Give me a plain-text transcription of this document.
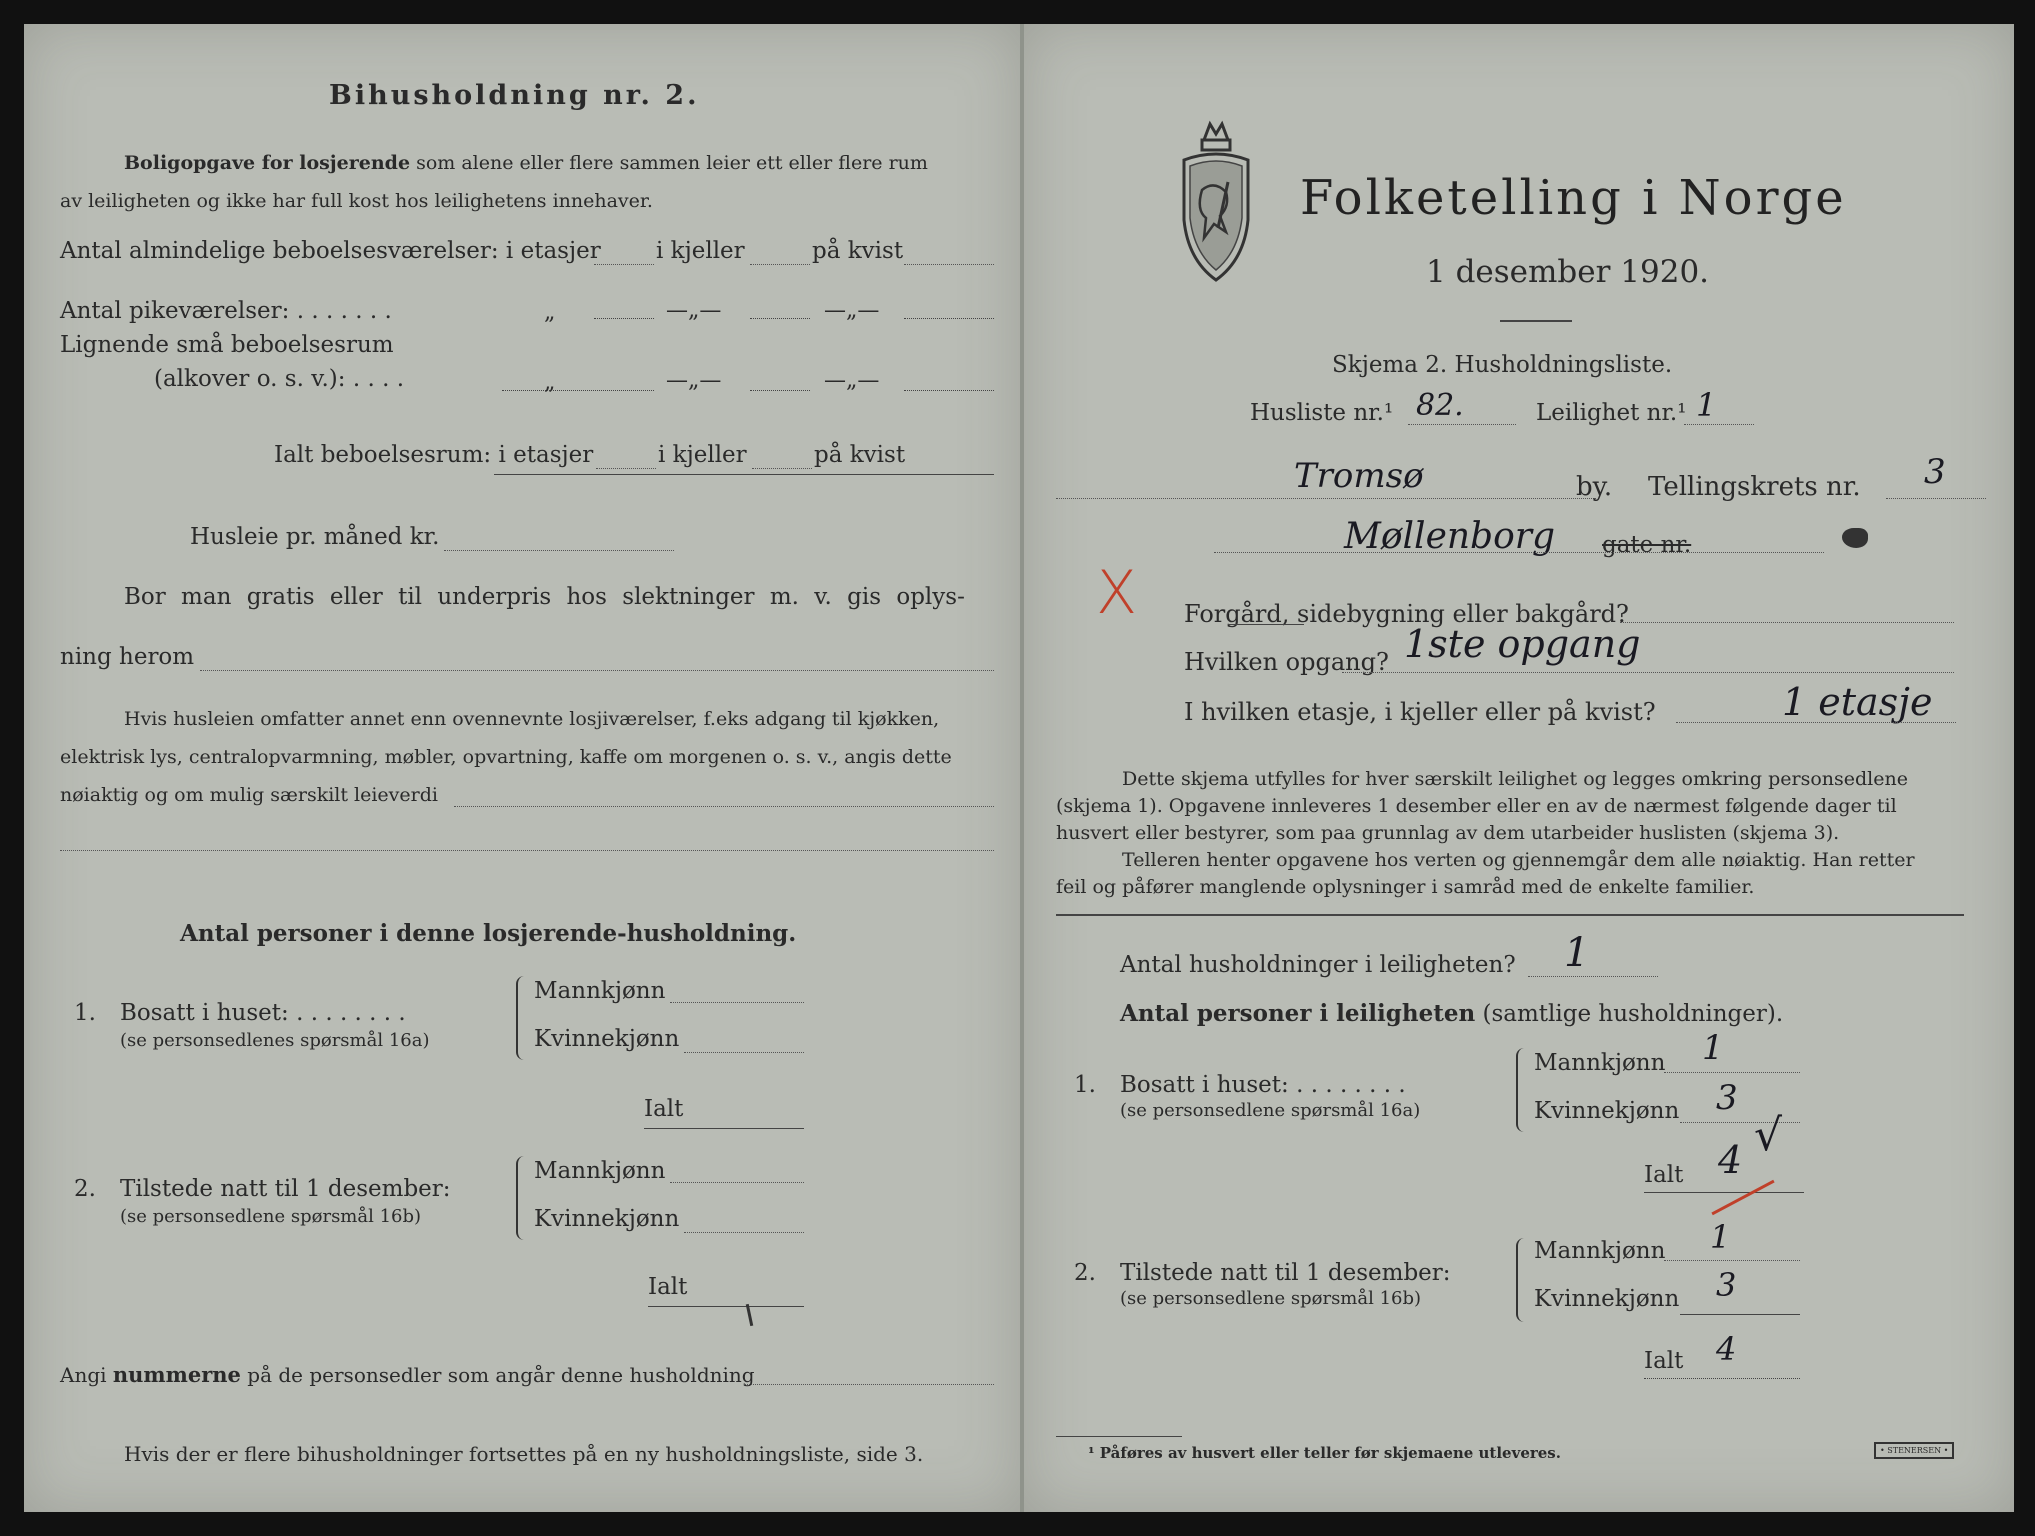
Bihusholdning nr. 2.
Boligopgave for losjerende som alene eller flere sammen leier ett eller flere rum
av leiligheten og ikke har full kost hos leilighetens innehaver.
Antal almindelige beboelsesværelser: i etasjer i kjeller	på kvist
Antal pikeværelser: . . . . . . .	„	—„—	—„—
Lignende små beboelsesrum
(alkover o. s. v.): . . . .	„	—„—	—„—
Ialt beboelsesrum: i etasjer	i kjeller	på kvist
Husleie pr. måned kr.
Bor man gratis eller til underpris hos slektninger m. v. gis oplys-
ning herom
Hvis husleien omfatter annet enn ovennevnte losjiværelser, f.eks adgang til kjøkken,
elektrisk lys, centralopvarmning, møbler, opvartning, kaffe om morgenen o. s. v., angis dette
nøiaktig og om mulig særskilt leieverdi
Antal personer i denne losjerende-husholdning.
1. Bosatt i huset: . . . . . . . .
(se personsedlenes spørsmål 16a)
Mannkjønn
Kvinnekjønn
Ialt
2. Tilstede natt til 1 desember:
(se personsedlene spørsmål 16b)
Mannkjønn
Kvinnekjønn
Ialt
Angi nummerne på de personsedler som angår denne husholdning
Hvis der er flere bihusholdninger fortsettes på en ny husholdningsliste, side 3.
Folketelling i Norge
1 desember 1920.
Skjema 2. Husholdningsliste.
Husliste nr.¹ 82.	Leilighet nr.¹ 1
Tromsø	by. Tellingskrets nr. 3
Møllenborg gate nr.
X Forgård, sidebygning eller bakgård?
Hvilken opgang? 1ste opgang
I hvilken etasje, i kjeller eller på kvist?	1 etasje
Dette skjema utfylles for hver særskilt leilighet og legges omkring personsedlene
(skjema 1). Opgavene innleveres 1 desember eller en av de nærmest følgende dager til
husvert eller bestyrer, som paa grunnlag av dem utarbeider huslisten (skjema 3).
Telleren henter opgavene hos verten og gjennemgår dem alle nøiaktig. Han retter
feil og påfører manglende oplysninger i samråd med de enkelte familier.
Antal husholdninger i leiligheten? 1
Antal personer i leiligheten (samtlige husholdninger).
1. Bosatt i huset: . . . . . . . .
(se personsedlene spørsmål 16a)
Mannkjønn 1
Kvinnekjønn 3
Ialt 4 √
2. Tilstede natt til 1 desember:
(se personsedlene spørsmål 16b)
Mannkjønn 1
Kvinnekjønn 3
Ialt 4
¹ Påføres av husvert eller teller før skjemaene utleveres.	• STENERSEN •
